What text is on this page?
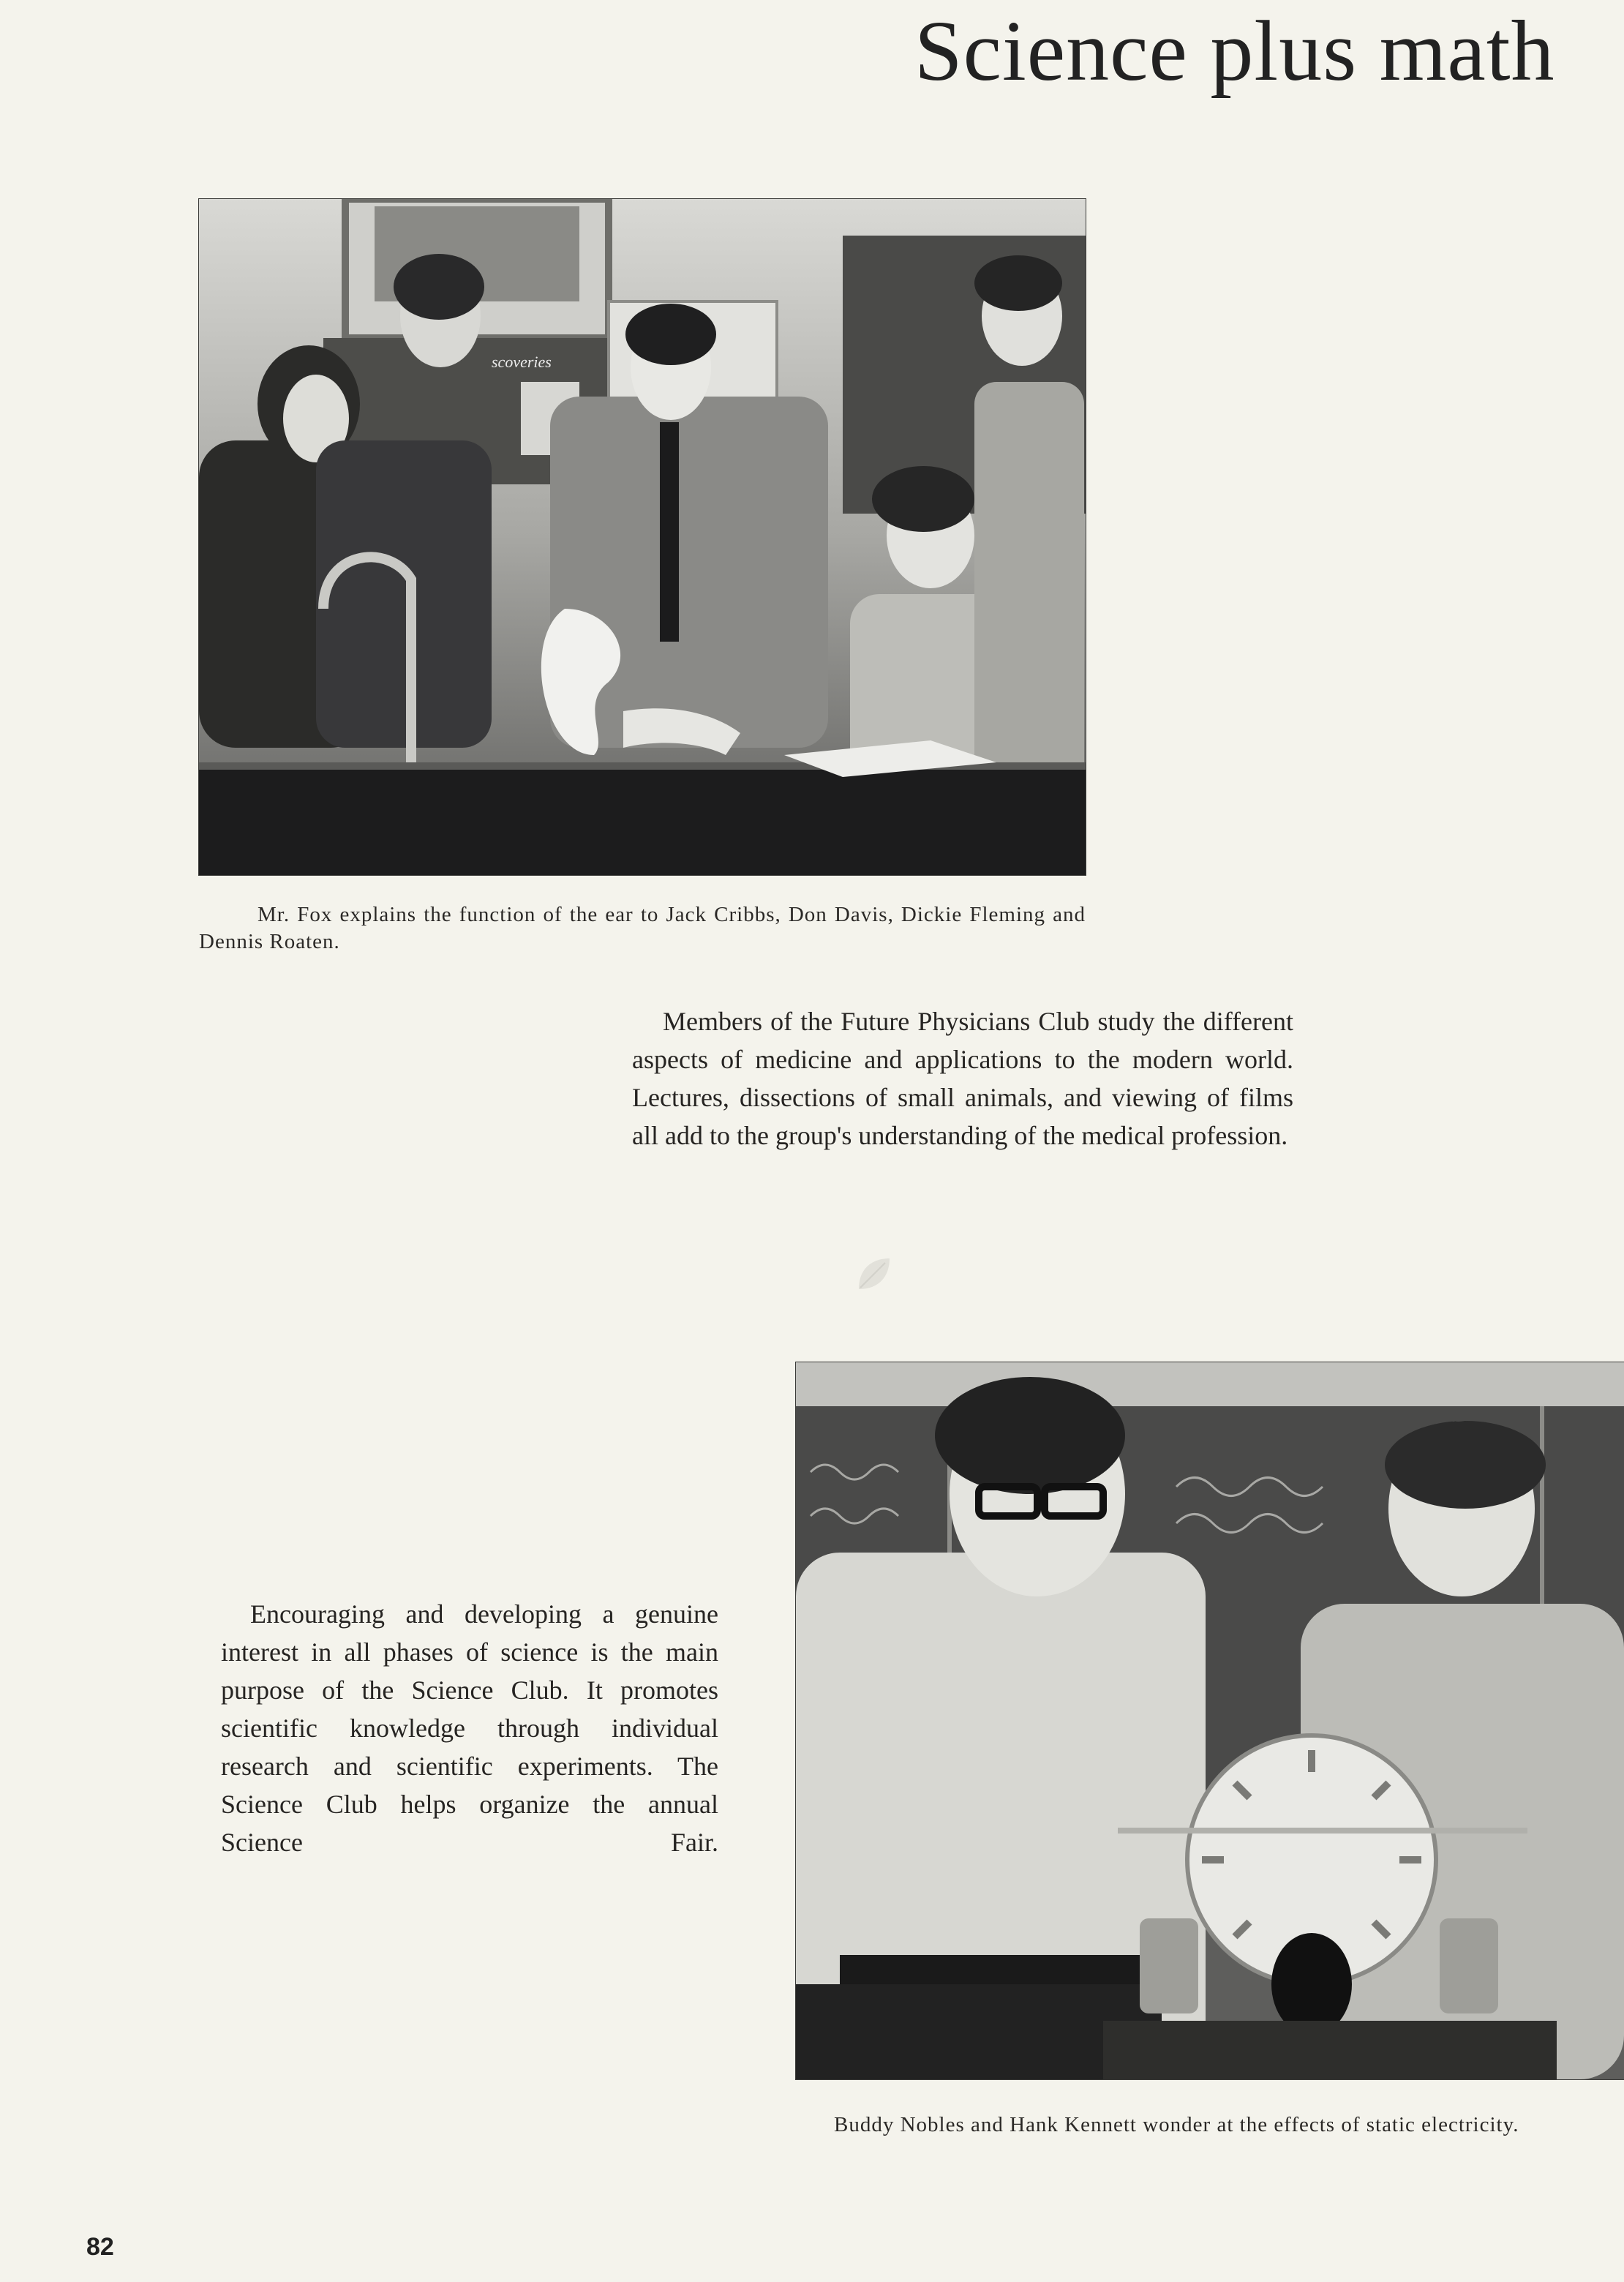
Science plus math
scoveries
Mr. Fox explains the function of the ear to Jack Cribbs, Don Davis, Dickie Fleming and Dennis Roaten.
Members of the Future Physicians Club study the different aspects of medicine and applications to the modern world. Lectures, dissections of small animals, and viewing of films all add to the group's understanding of the medical profession.
Encouraging and developing a genuine interest in all phases of science is the main purpose of the Science Club. It promotes scientific knowledge through individual research and scientific experiments. The Science Club helps organize the annual Science Fair.
Buddy Nobles and Hank Kennett wonder at the effects of static electricity.
82
